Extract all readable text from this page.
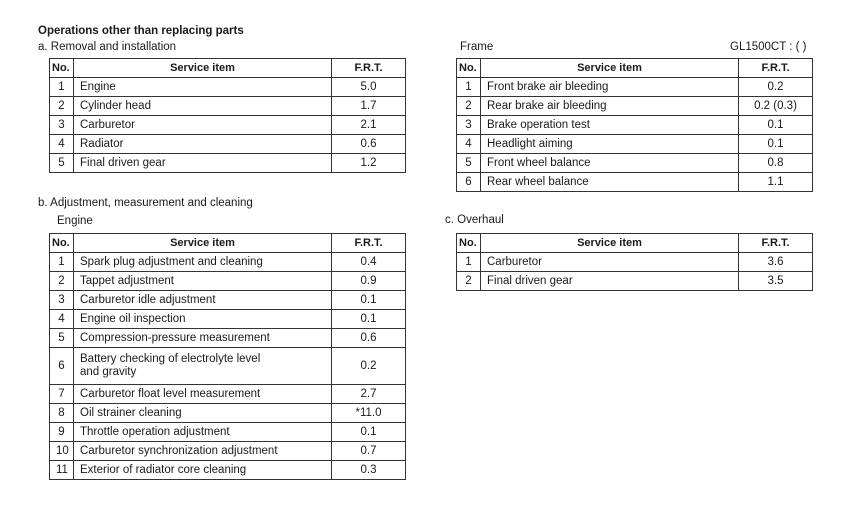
Operations other than replacing parts
a. Removal and installation
No.	Service item	F.R.T.
1	Engine	5.0
2	Cylinder head	1.7
3	Carburetor	2.1
4	Radiator	0.6
5	Final driven gear	1.2
Frame	GL1500CT : ( )
No.	Service item	F.R.T.
1	Front brake air bleeding	0.2
2	Rear brake air bleeding	0.2 (0.3)
3	Brake operation test	0.1
4	Headlight aiming	0.1
5	Front wheel balance	0.8
6	Rear wheel balance	1.1
b. Adjustment, measurement and cleaning
Engine
No.	Service item	F.R.T.
1	Spark plug adjustment and cleaning	0.4
2	Tappet adjustment	0.9
3	Carburetor idle adjustment	0.1
4	Engine oil inspection	0.1
5	Compression-pressure measurement	0.6
6	Battery checking of electrolyte level and gravity	0.2
7	Carburetor float level measurement	2.7
8	Oil strainer cleaning	*11.0
9	Throttle operation adjustment	0.1
10	Carburetor synchronization adjustment	0.7
11	Exterior of radiator core cleaning	0.3
c. Overhaul
No.	Service item	F.R.T.
1	Carburetor	3.6
2	Final driven gear	3.5
